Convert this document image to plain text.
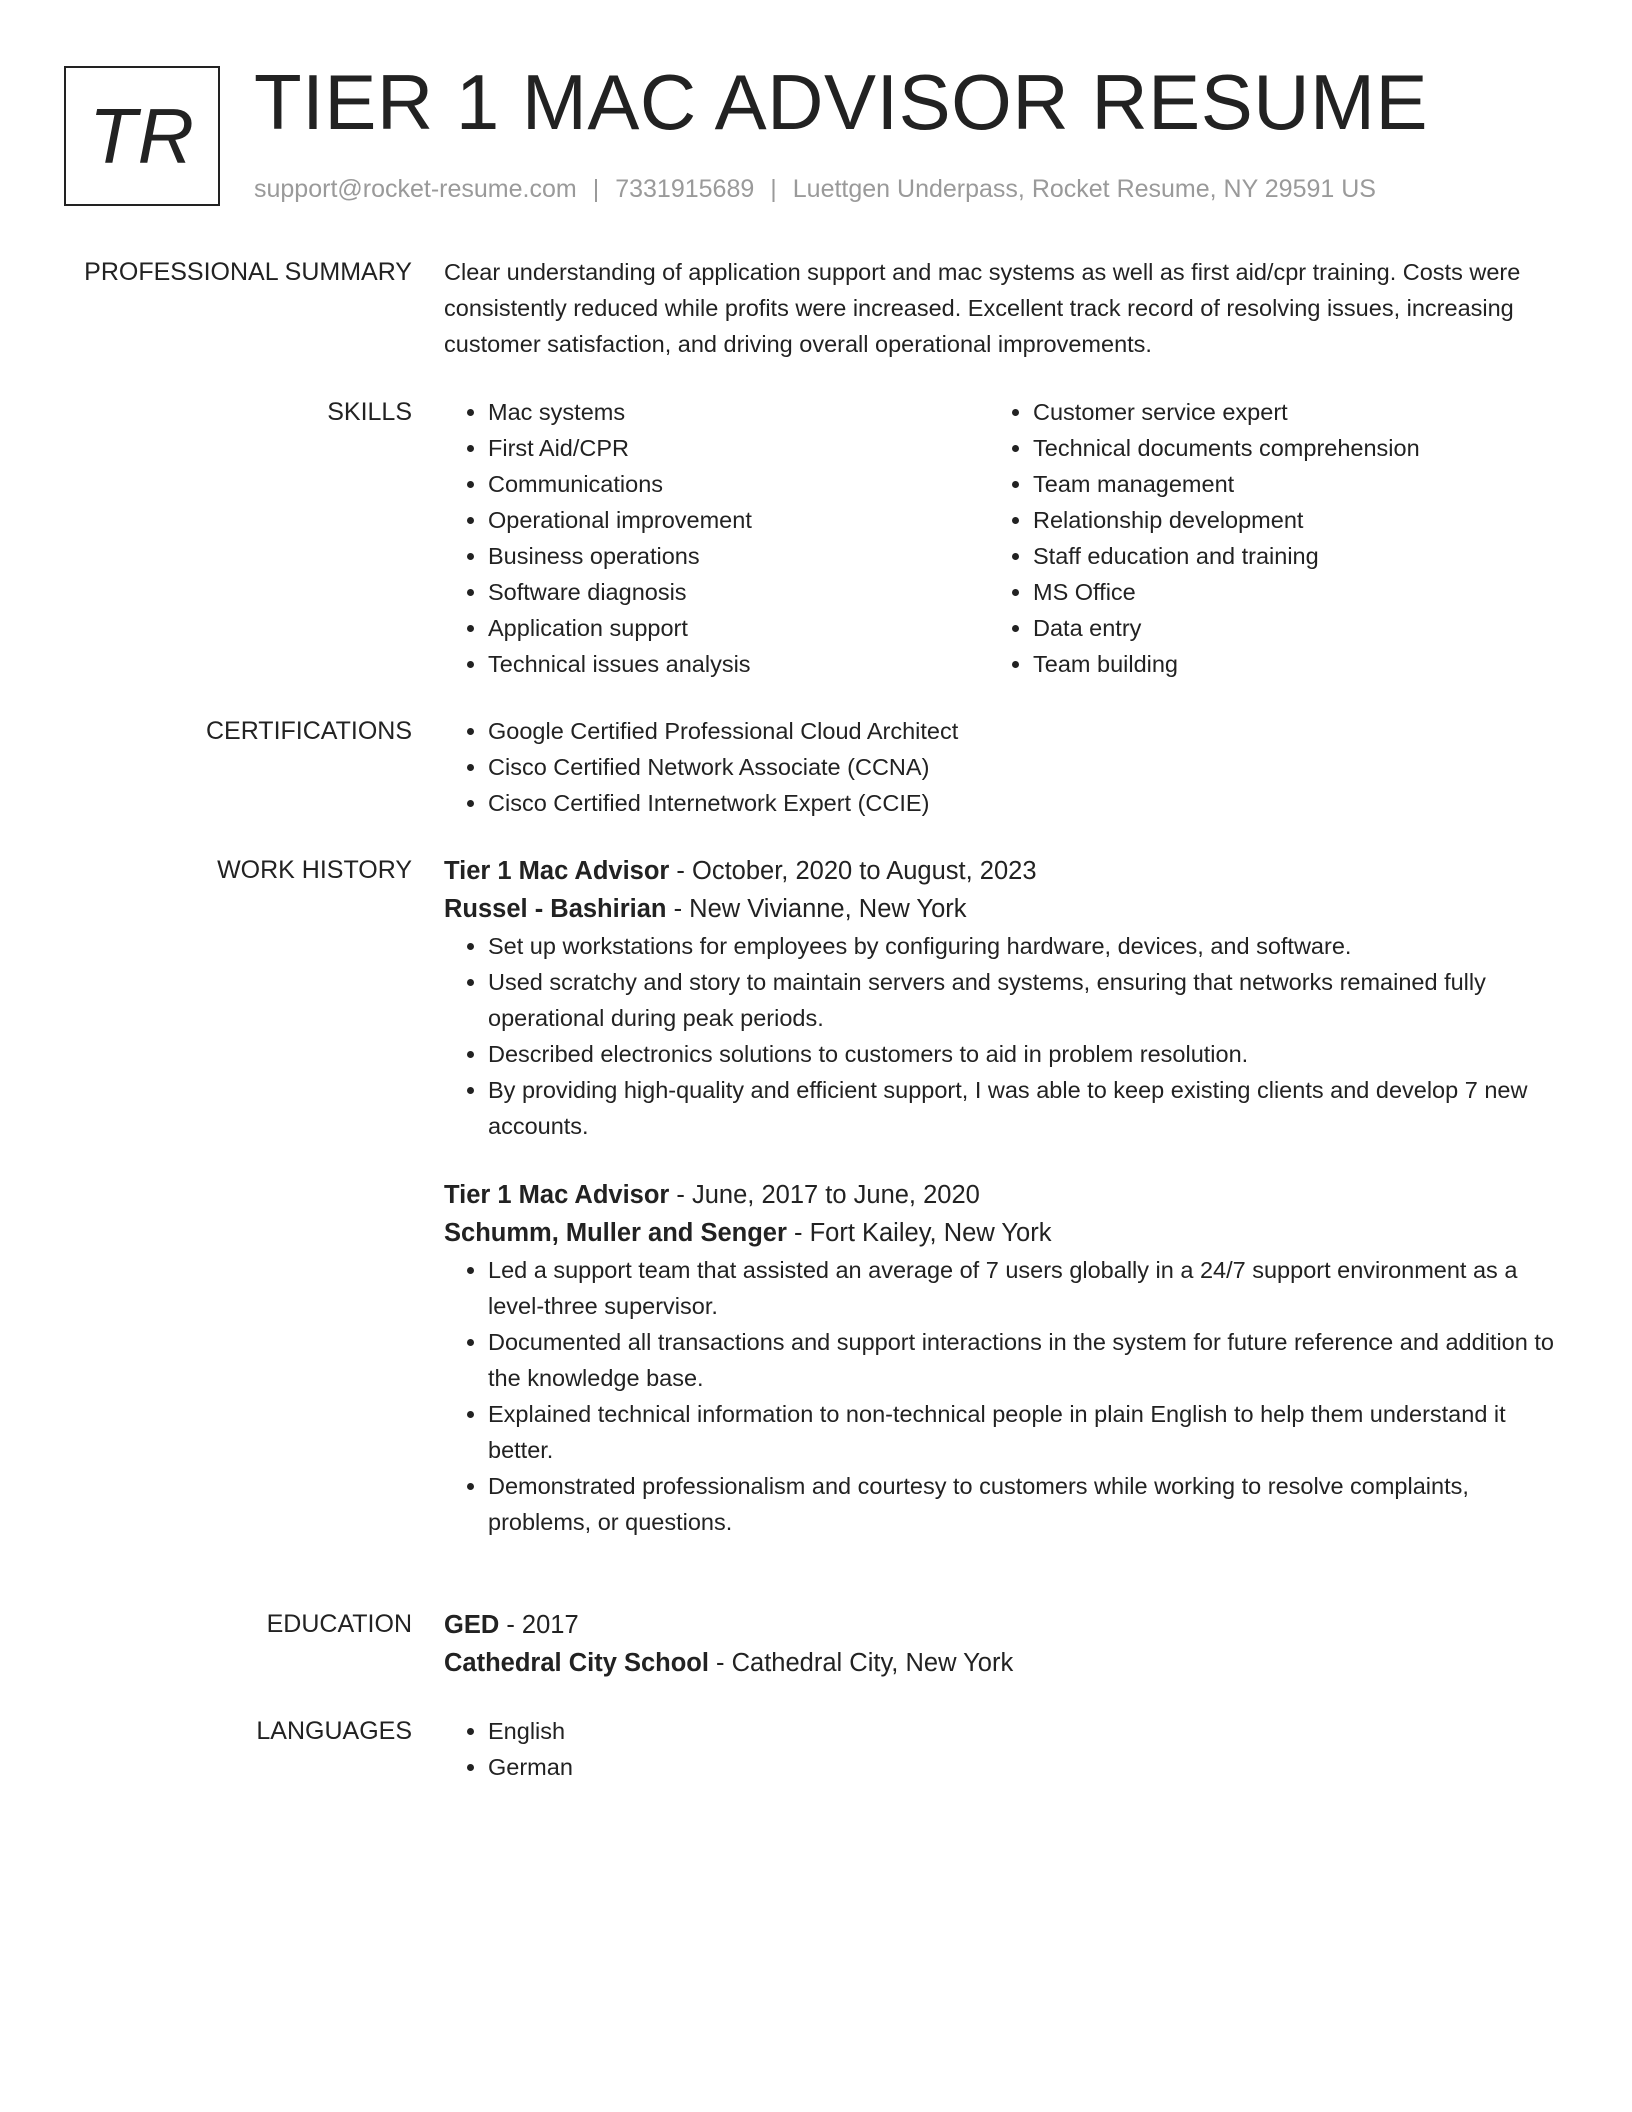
TR TIER 1 MAC ADVISOR RESUME
support@rocket-resume.com | 7331915689 | Luettgen Underpass, Rocket Resume, NY 29591 US
PROFESSIONAL SUMMARY Clear understanding of application support and mac systems as well as first aid/cpr training. Costs were consistently reduced while profits were increased. Excellent track record of resolving issues, increasing customer satisfaction, and driving overall operational improvements.

SKILLS	• Mac systems
• First Aid/CPR
• Communications
• Operational improvement
• Business operations
• Software diagnosis
• Application support
• Technical issues analysis
• Customer service expert
• Technical documents comprehension
• Team management
• Relationship development
• Staff education and training
• MS Office
• Data entry
• Team building
CERTIFICATIONS	• Google Certified Professional Cloud Architect
• Cisco Certified Network Associate (CCNA)
• Cisco Certified Internetwork Expert (CCIE)
WORK HISTORY Tier 1 Mac Advisor - October, 2020 to August, 2023
Russel - Bashirian - New Vivianne, New York
• Set up workstations for employees by configuring hardware, devices, and software.
• Used scratchy and story to maintain servers and systems, ensuring that networks remained fully operational during peak periods.
• Described electronics solutions to customers to aid in problem resolution.
• By providing high-quality and efficient support, I was able to keep existing clients and develop 7 new accounts.
Tier 1 Mac Advisor - June, 2017 to June, 2020
Schumm, Muller and Senger - Fort Kailey, New York
• Led a support team that assisted an average of 7 users globally in a 24/7 support environment as a level-three supervisor.
• Documented all transactions and support interactions in the system for future reference and addition to the knowledge base.
• Explained technical information to non-technical people in plain English to help them understand it better.
• Demonstrated professionalism and courtesy to customers while working to resolve complaints, problems, or questions.
EDUCATION GED - 2017
Cathedral City School - Cathedral City, New York
LANGUAGES	• English
• German
